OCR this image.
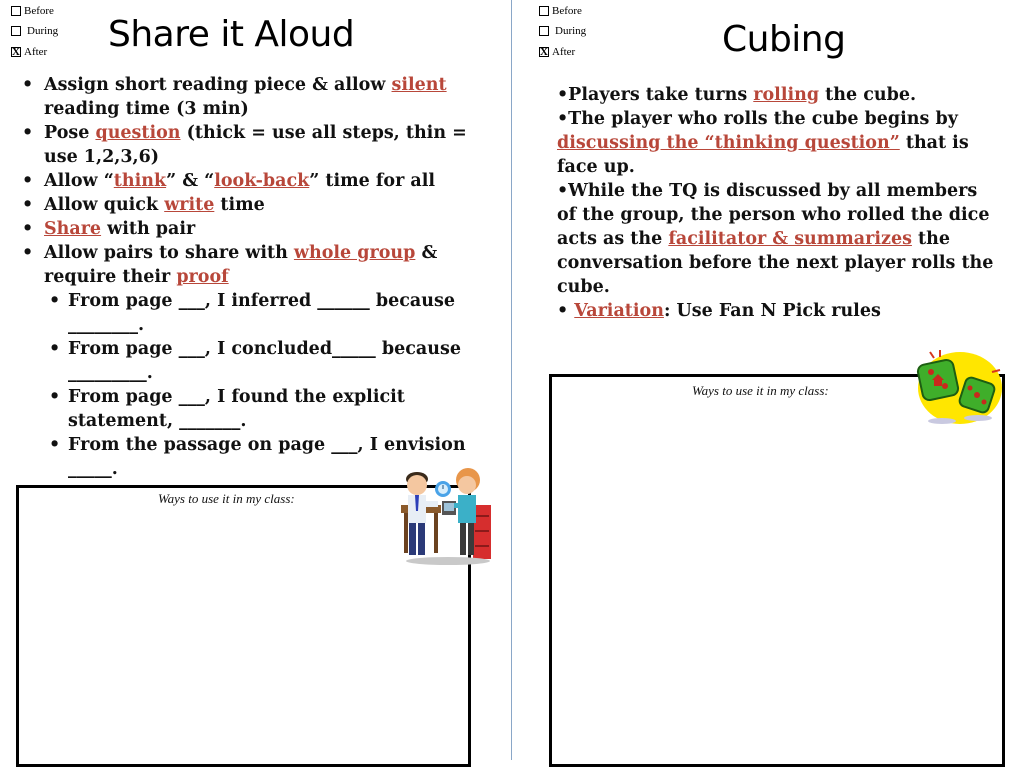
Before
During
X
After Share it Aloud
• Assign short reading piece & allow silent reading time (3 min)
• Pose question (thick = use all steps, thin = use 1,2,3,6)
• Allow “think” & “look-back” time for all
• Allow quick write time
• Share with pair
• Allow pairs to share with whole group & require their proof
• From page ___, I inferred ______ because ________.
• From page ___, I concluded_____ because _________.
• From page ___, I found the explicit statement, _______.
• From the passage on page ___, I envision _____.
Ways to use it in my class:
Before
During
X
After	Cubing

•Players take turns rolling the cube.

•The player who rolls the cube begins by discussing the “thinking question” that is face up.

•While the TQ is discussed by all members of the group, the person who rolled the dice acts as the facilitator & summarizes the conversation before the next player rolls the cube.

• Variation: Use Fan N Pick rules

Ways to use it in my class:
